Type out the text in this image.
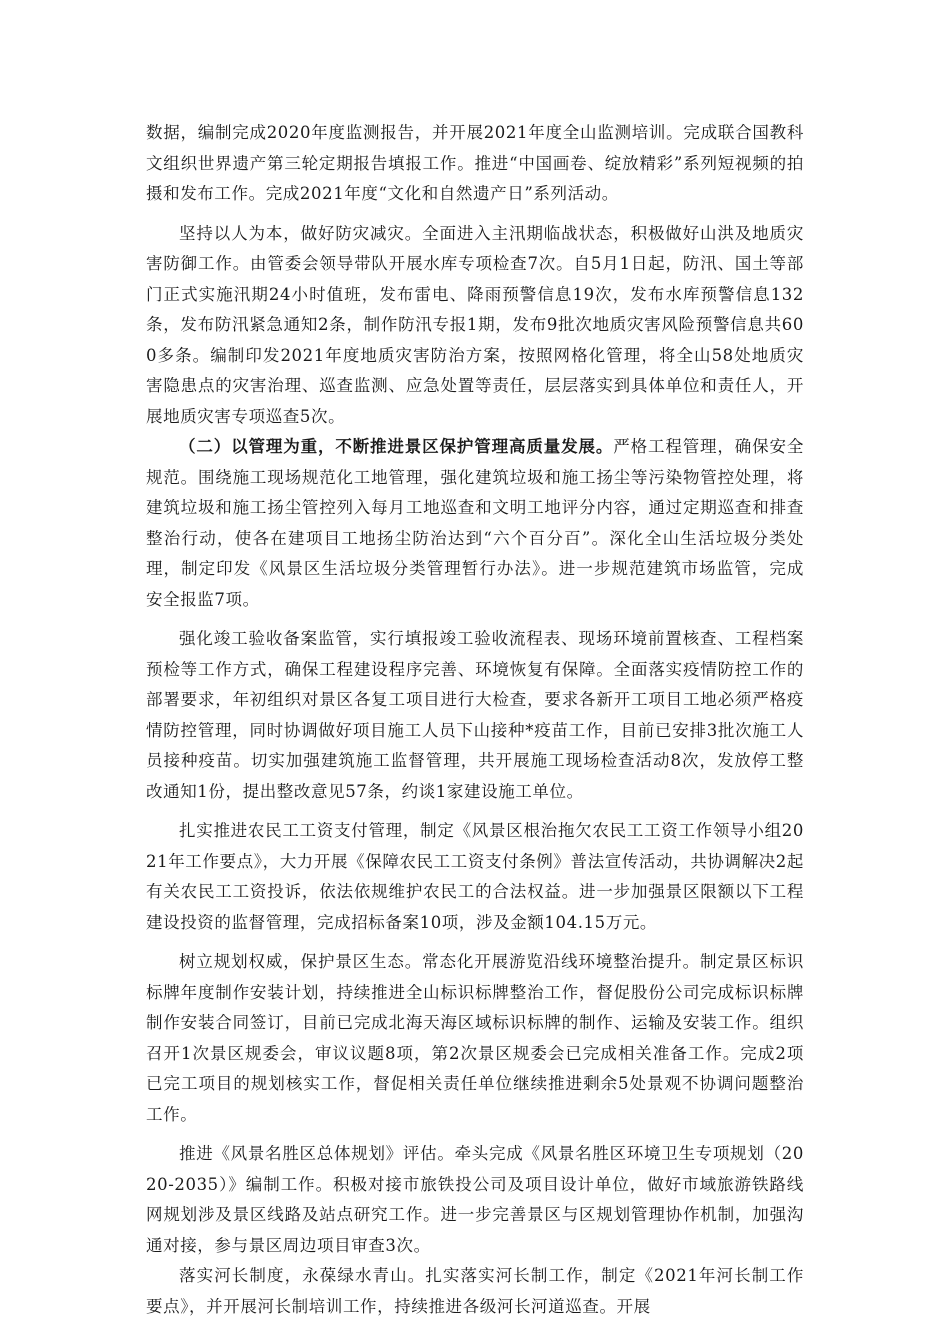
数据，编制完成2020年度监测报告，并开展2021年度全山监测培训。完成联合国教科文组织世界遗产第三轮定期报告填报工作。推进“中国画卷、绽放精彩”系列短视频的拍摄和发布工作。完成2021年度“文化和自然遗产日”系列活动。

坚持以人为本，做好防灾减灾。全面进入主汛期临战状态，积极做好山洪及地质灾害防御工作。由管委会领导带队开展水库专项检查7次。自5月1日起，防汛、国土等部门正式实施汛期24小时值班，发布雷电、降雨预警信息19次，发布水库预警信息132条，发布防汛紧急通知2条，制作防汛专报1期，发布9批次地质灾害风险预警信息共600多条。编制印发2021年度地质灾害防治方案，按照网格化管理，将全山58处地质灾害隐患点的灾害治理、巡查监测、应急处置等责任，层层落实到具体单位和责任人，开展地质灾害专项巡查5次。

（二）以管理为重，不断推进景区保护管理高质量发展。严格工程管理，确保安全规范。围绕施工现场规范化工地管理，强化建筑垃圾和施工扬尘等污染物管控处理，将建筑垃圾和施工扬尘管控列入每月工地巡查和文明工地评分内容，通过定期巡查和排查整治行动，使各在建项目工地扬尘防治达到“六个百分百”。深化全山生活垃圾分类处理，制定印发《风景区生活垃圾分类管理暂行办法》。进一步规范建筑市场监管，完成安全报监7项。

强化竣工验收备案监管，实行填报竣工验收流程表、现场环境前置核查、工程档案预检等工作方式，确保工程建设程序完善、环境恢复有保障。全面落实疫情防控工作的部署要求，年初组织对景区各复工项目进行大检查，要求各新开工项目工地必须严格疫情防控管理，同时协调做好项目施工人员下山接种*疫苗工作，目前已安排3批次施工人员接种疫苗。切实加强建筑施工监督管理，共开展施工现场检查活动8次，发放停工整改通知1份，提出整改意见57条，约谈1家建设施工单位。

扎实推进农民工工资支付管理，制定《风景区根治拖欠农民工工资工作领导小组2021年工作要点》，大力开展《保障农民工工资支付条例》普法宣传活动，共协调解决2起有关农民工工资投诉，依法依规维护农民工的合法权益。进一步加强景区限额以下工程建设投资的监督管理，完成招标备案10项，涉及金额104.15万元。

树立规划权威，保护景区生态。常态化开展游览沿线环境整治提升。制定景区标识标牌年度制作安装计划，持续推进全山标识标牌整治工作，督促股份公司完成标识标牌制作安装合同签订，目前已完成北海天海区域标识标牌的制作、运输及安装工作。组织召开1次景区规委会，审议议题8项，第2次景区规委会已完成相关准备工作。完成2项已完工项目的规划核实工作，督促相关责任单位继续推进剩余5处景观不协调问题整治工作。

推进《风景名胜区总体规划》评估。牵头完成《风景名胜区环境卫生专项规划（2020-2035）》编制工作。积极对接市旅铁投公司及项目设计单位，做好市域旅游铁路线网规划涉及景区线路及站点研究工作。进一步完善景区与区规划管理协作机制，加强沟通对接，参与景区周边项目审查3次。

落实河长制度，永葆绿水青山。扎实落实河长制工作，制定《2021年河长制工作要点》，并开展河长制培训工作，持续推进各级河长河道巡查。开展
